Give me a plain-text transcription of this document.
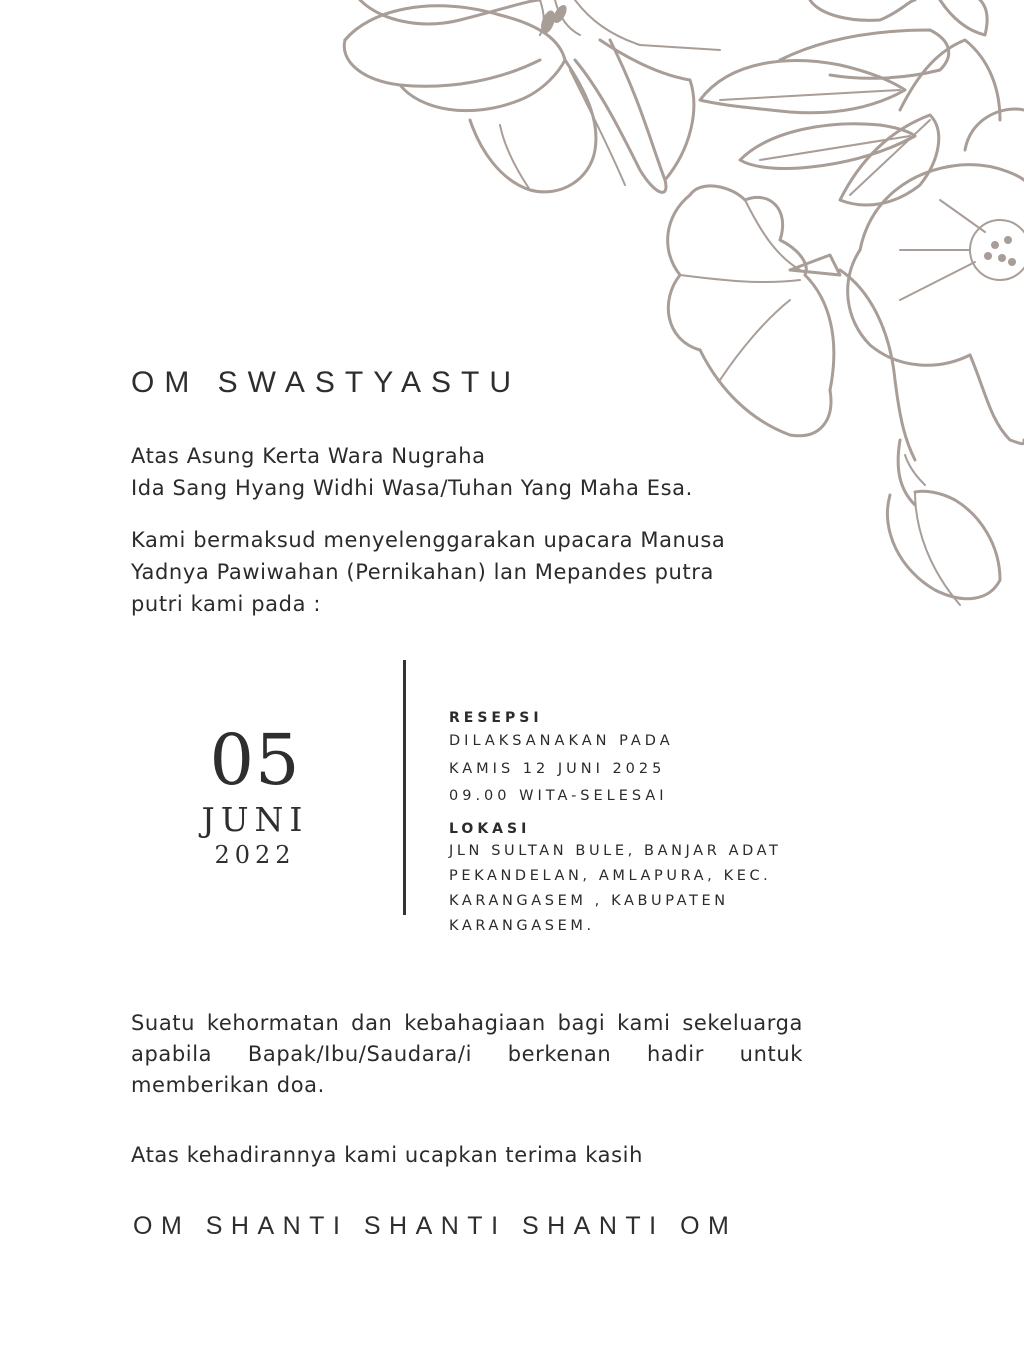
OM SWASTYASTU
Atas Asung Kerta Wara Nugraha
Ida Sang Hyang Widhi Wasa/Tuhan Yang Maha Esa.
Kami bermaksud menyelenggarakan upacara Manusa
Yadnya Pawiwahan (Pernikahan) lan Mepandes putra
putri kami pada :
05
JUNI
2022
RESEPSI
DILAKSANAKAN PADA
KAMIS 12 JUNI 2025
09.00 WITA-SELESAI
LOKASI
JLN SULTAN BULE, BANJAR ADAT
PEKANDELAN, AMLAPURA, KEC.
KARANGASEM , KABUPATEN
KARANGASEM.
Suatu kehormatan dan kebahagiaan bagi kami sekeluarga apabila Bapak/Ibu/Saudara/i berkenan hadir untuk memberikan doa.
Atas kehadirannya kami ucapkan terima kasih
OM SHANTI SHANTI SHANTI OM
